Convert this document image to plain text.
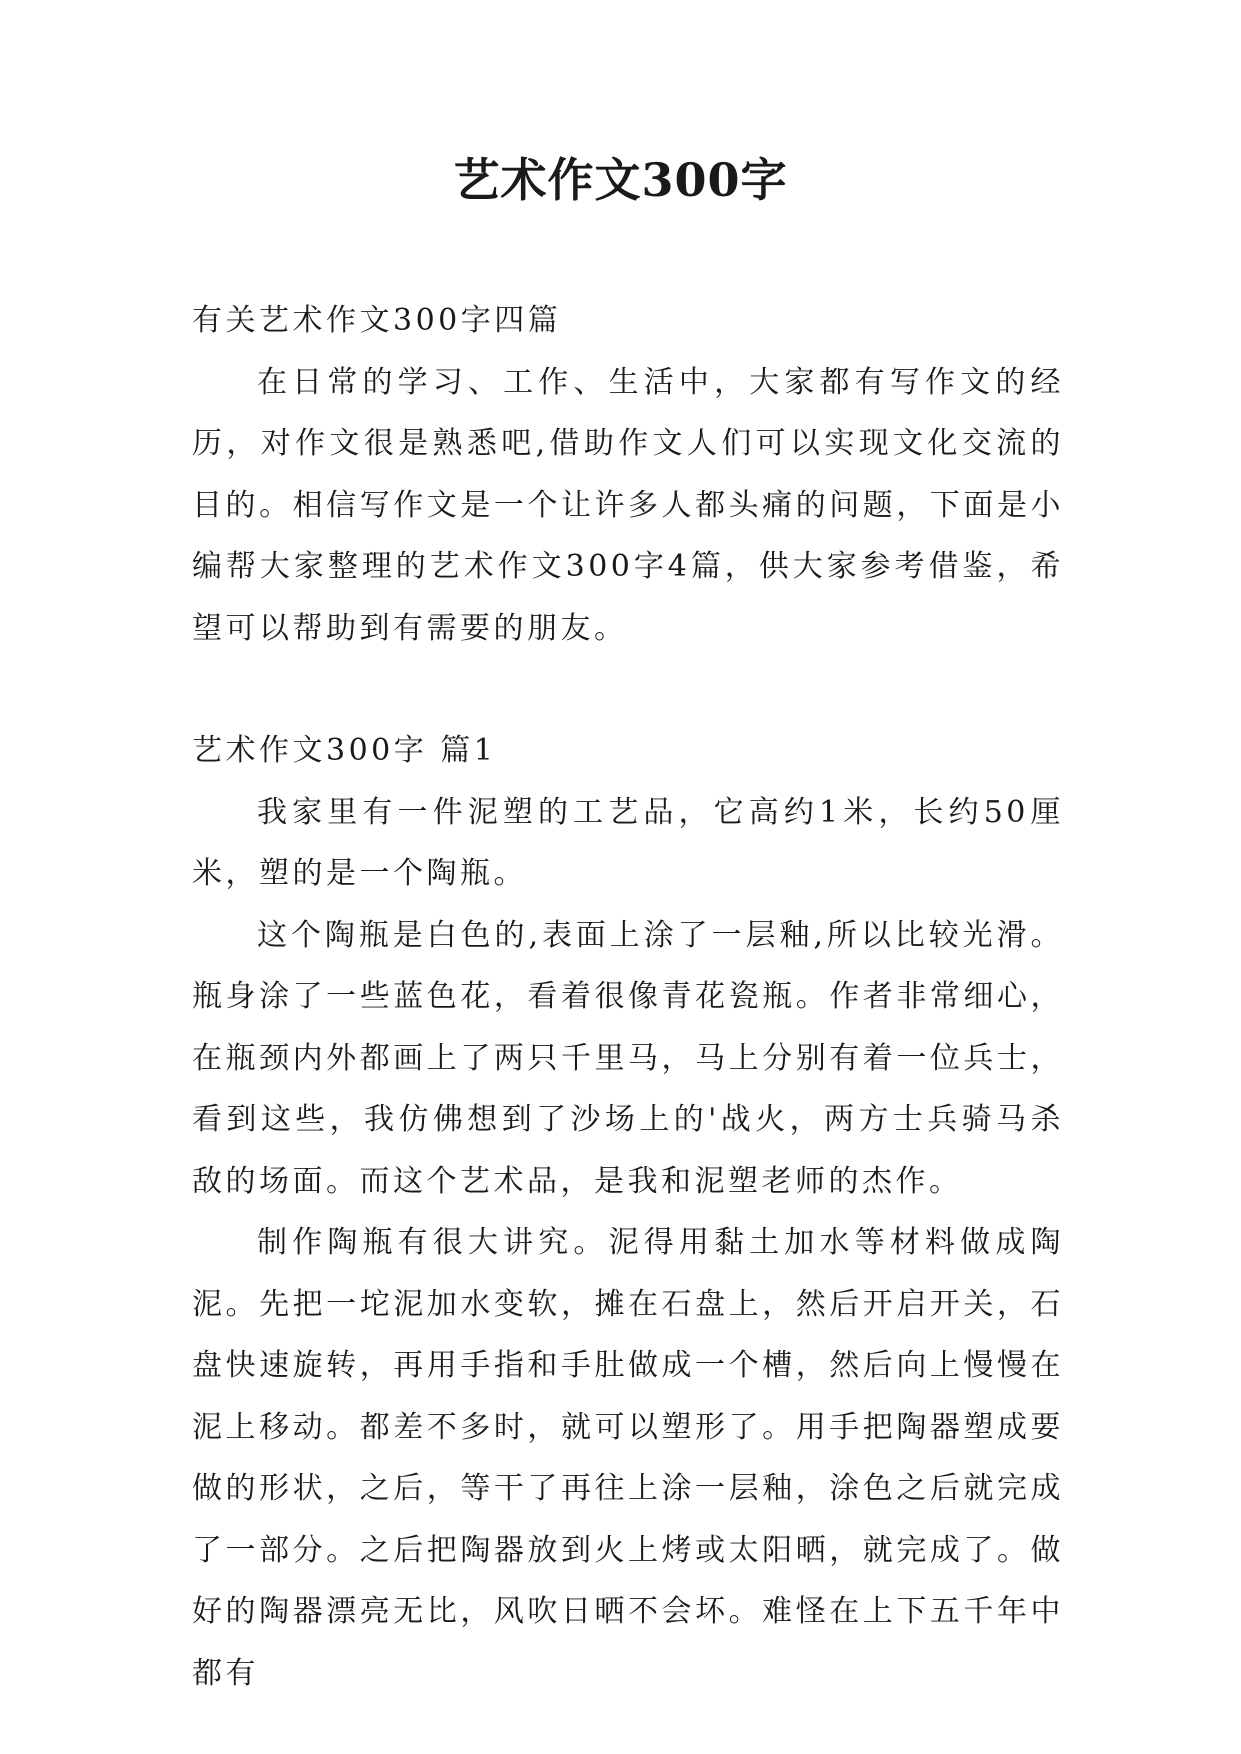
艺术作文300字

有关艺术作文300字四篇

在日常的学习、工作、生活中，大家都有写作文的经历，对作文很是熟悉吧,借助作文人们可以实现文化交流的目的。相信写作文是一个让许多人都头痛的问题，下面是小编帮大家整理的艺术作文300字4篇，供大家参考借鉴，希望可以帮助到有需要的朋友。

艺术作文300字 篇1

我家里有一件泥塑的工艺品，它高约1米，长约50厘米，塑的是一个陶瓶。

这个陶瓶是白色的,表面上涂了一层釉,所以比较光滑。瓶身涂了一些蓝色花，看着很像青花瓷瓶。作者非常细心，在瓶颈内外都画上了两只千里马，马上分别有着一位兵士，看到这些，我仿佛想到了沙场上的'战火，两方士兵骑马杀敌的场面。而这个艺术品，是我和泥塑老师的杰作。

制作陶瓶有很大讲究。泥得用黏土加水等材料做成陶泥。先把一坨泥加水变软，摊在石盘上，然后开启开关，石盘快速旋转，再用手指和手肚做成一个槽，然后向上慢慢在泥上移动。都差不多时，就可以塑形了。用手把陶器塑成要做的形状，之后，等干了再往上涂一层釉，涂色之后就完成了一部分。之后把陶器放到火上烤或太阳晒，就完成了。做好的陶器漂亮无比，风吹日晒不会坏。难怪在上下五千年中都有
